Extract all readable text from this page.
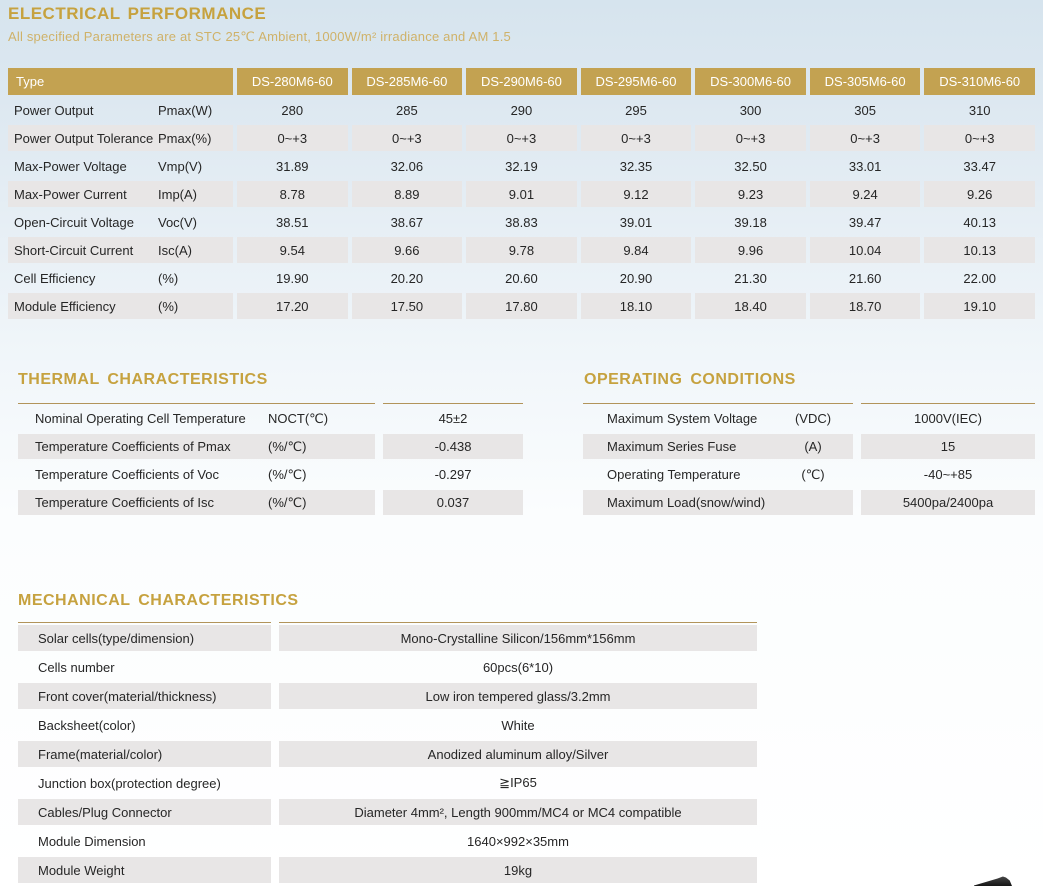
ELECTRICAL PERFORMANCE
All specified Parameters are at STC 25℃ Ambient, 1000W/m² irradiance and AM 1.5
Type	DS-280M6-60	DS-285M6-60	DS-290M6-60	DS-295M6-60	DS-300M6-60	DS-305M6-60	DS-310M6-60
Power Output	Pmax(W)	280	285	290	295	300	305	310
Power Output Tolerance Pmax(%)	0~+3	0~+3	0~+3	0~+3	0~+3	0~+3	0~+3
Max-Power Voltage Vmp(V)	31.89	32.06	32.19	32.35	32.50	33.01	33.47
Max-Power Current Imp(A)	8.78	8.89	9.01	9.12	9.23	9.24	9.26
Open-Circuit Voltage Voc(V)	38.51	38.67	38.83	39.01	39.18	39.47	40.13
Short-Circuit Current Isc(A)	9.54	9.66	9.78	9.84	9.96	10.04	10.13
Cell Efficiency	(%)	19.90	20.20	20.60	20.90	21.30	21.60	22.00
Module Efficiency	(%)	17.20	17.50	17.80	18.10	18.40	18.70	19.10
THERMAL CHARACTERISTICS
Nominal Operating Cell Temperature NOCT(℃)	45±2
Temperature Coefficients of Pmax	(%/℃)	-0.438
Temperature Coefficients of Voc	(%/℃)	-0.297
Temperature Coefficients of Isc	(%/℃)	0.037
OPERATING CONDITIONS
Maximum System Voltage	(VDC)	1000V(IEC)
Maximum Series Fuse	(A)	15
Operating Temperature	(℃)	-40~+85
Maximum Load(snow/wind)	5400pa/2400pa
MECHANICAL CHARACTERISTICS
Solar cells(type/dimension)	Mono-Crystalline Silicon/156mm*156mm
Cells number	60pcs(6*10)
Front cover(material/thickness)	Low iron tempered glass/3.2mm
Backsheet(color)	White
Frame(material/color)	Anodized aluminum alloy/Silver
Junction box(protection degree)	≧IP65
Cables/Plug Connector	Diameter 4mm², Length 900mm/MC4 or MC4 compatible
Module Dimension	1640×992×35mm
Module Weight	19kg
